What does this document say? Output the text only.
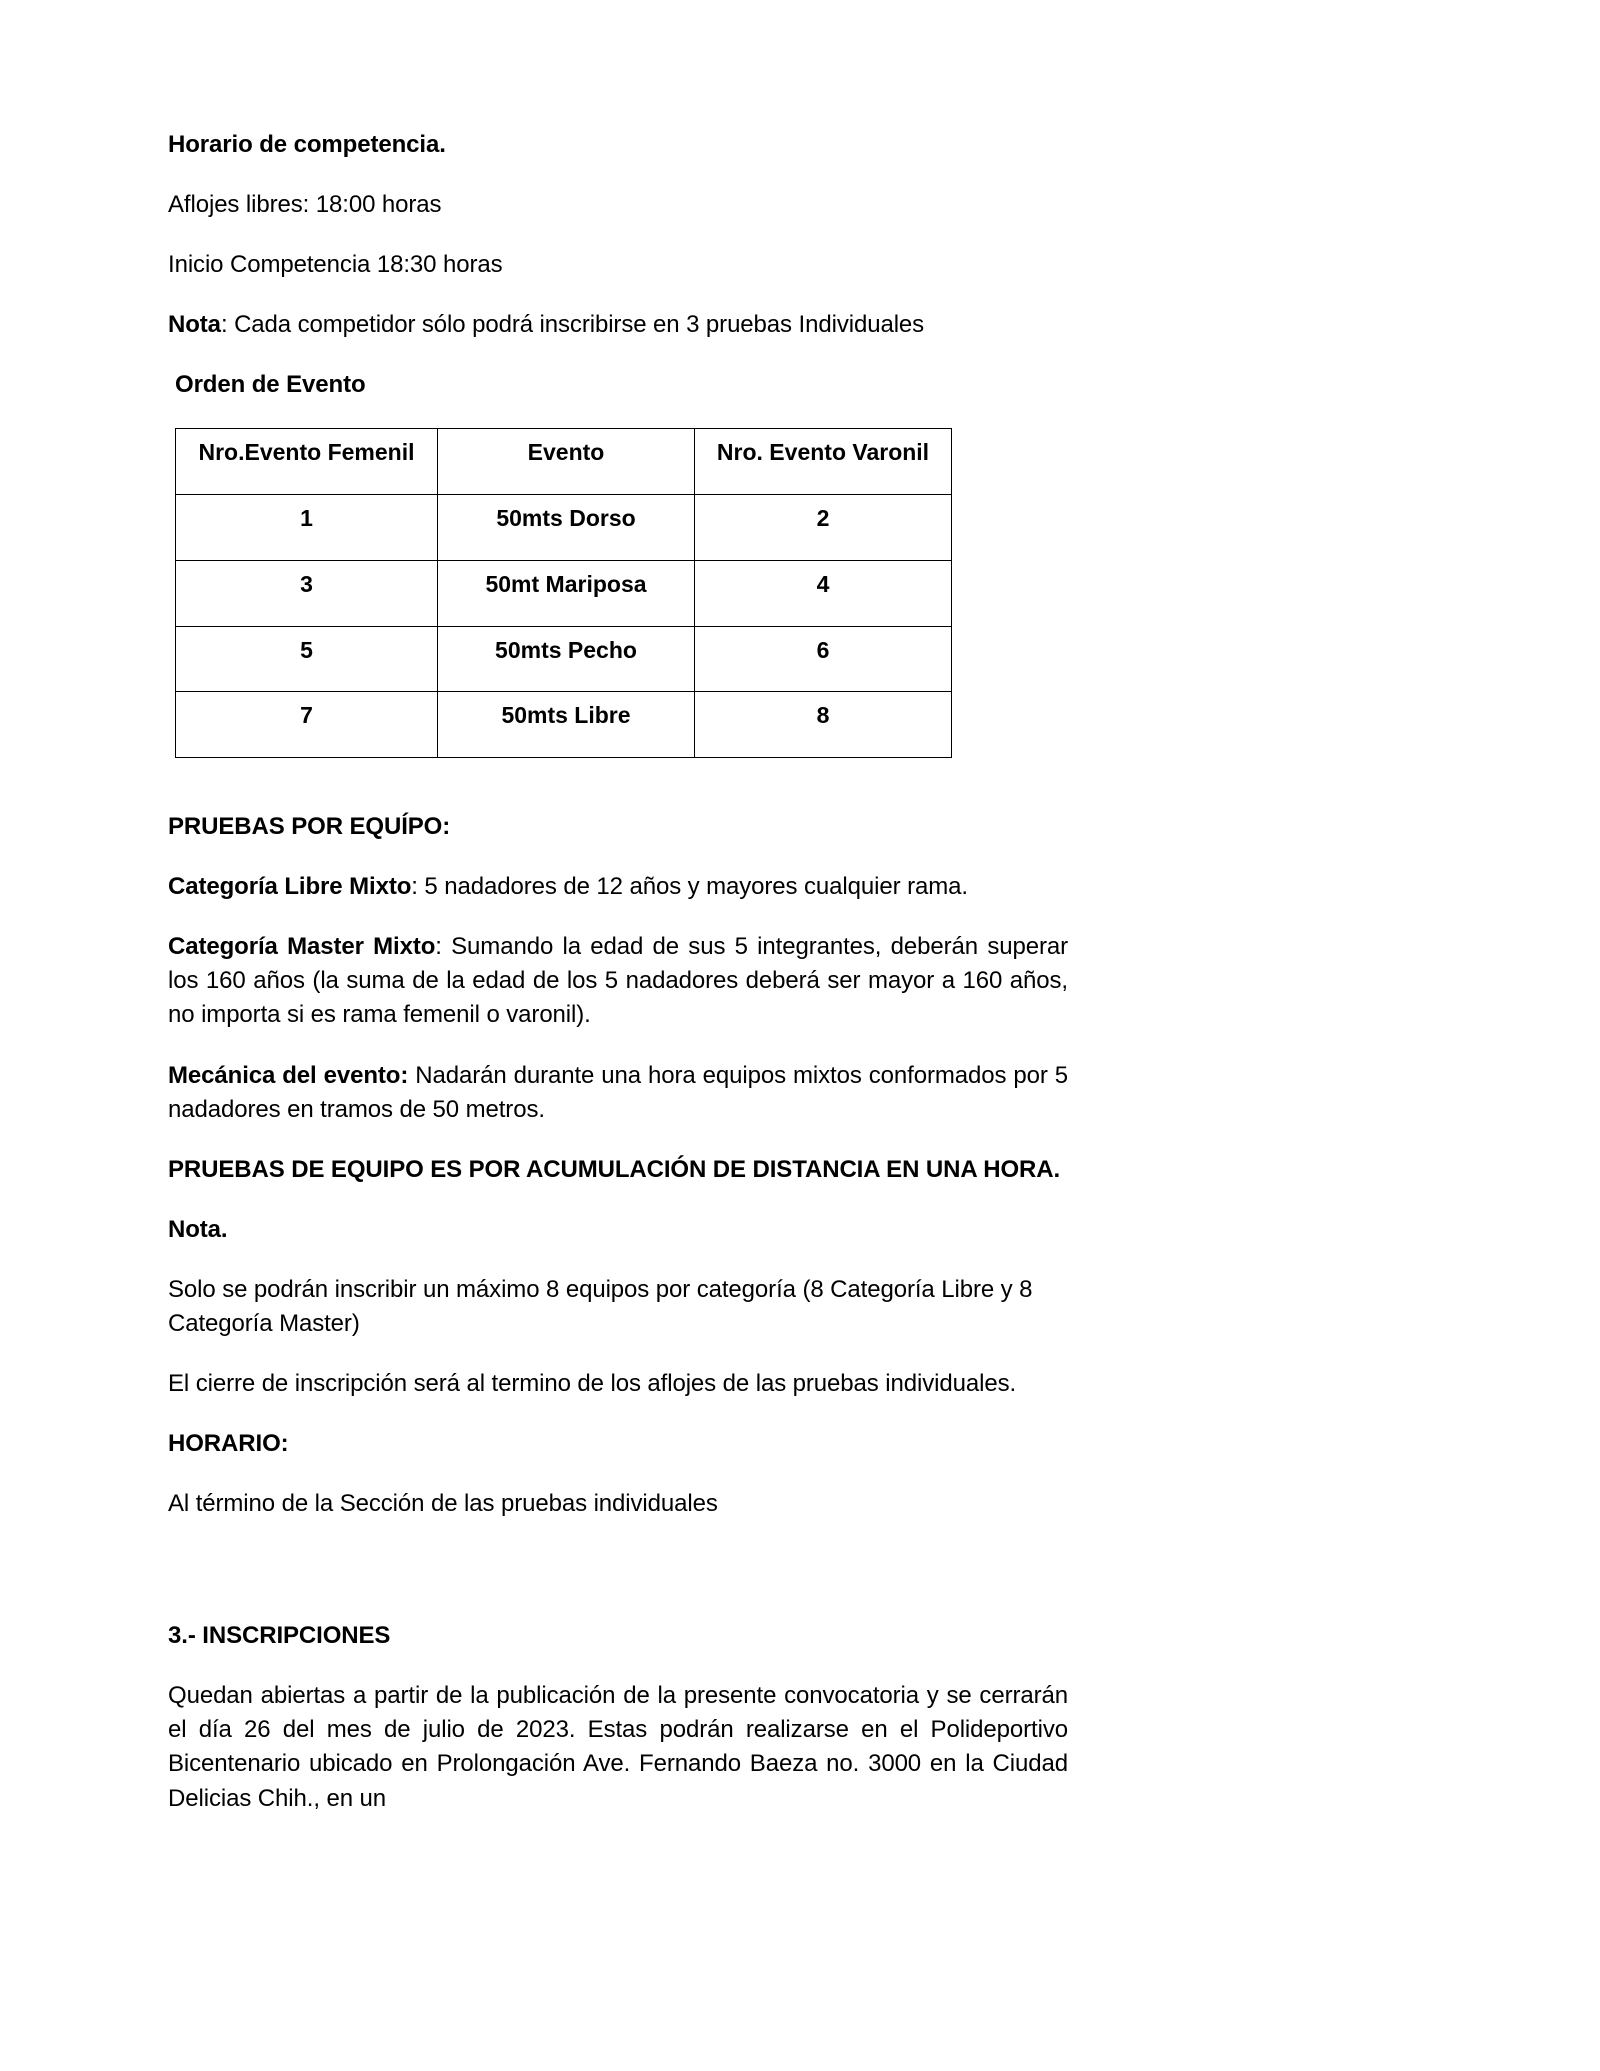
Horario de competencia.

Aflojes libres: 18:00 horas

Inicio Competencia 18:30 horas

Nota: Cada competidor sólo podrá inscribirse en 3 pruebas Individuales

Orden de Evento

Nro.Evento Femenil	Evento	Nro. Evento Varonil
1	50mts Dorso	2
3	50mt Mariposa	4
5	50mts Pecho	6
7	50mts Libre	8

PRUEBAS POR EQUÍPO:

Categoría Libre Mixto: 5 nadadores de 12 años y mayores cualquier rama.

Categoría Master Mixto: Sumando la edad de sus 5 integrantes, deberán superar los 160 años (la suma de la edad de los 5 nadadores deberá ser mayor a 160 años, no importa si es rama femenil o varonil).

Mecánica del evento: Nadarán durante una hora equipos mixtos conformados por 5 nadadores en tramos de 50 metros.

PRUEBAS DE EQUIPO ES POR ACUMULACIÓN DE DISTANCIA EN UNA HORA.

Nota.

Solo se podrán inscribir un máximo 8 equipos por categoría (8 Categoría Libre y 8 Categoría Master)

El cierre de inscripción será al termino de los aflojes de las pruebas individuales.

HORARIO:

Al término de la Sección de las pruebas individuales

3.- INSCRIPCIONES

Quedan abiertas a partir de la publicación de la presente convocatoria y se cerrarán el día 26 del mes de julio de 2023. Estas podrán realizarse en el Polideportivo Bicentenario ubicado en Prolongación Ave. Fernando Baeza no. 3000 en la Ciudad Delicias Chih., en un
